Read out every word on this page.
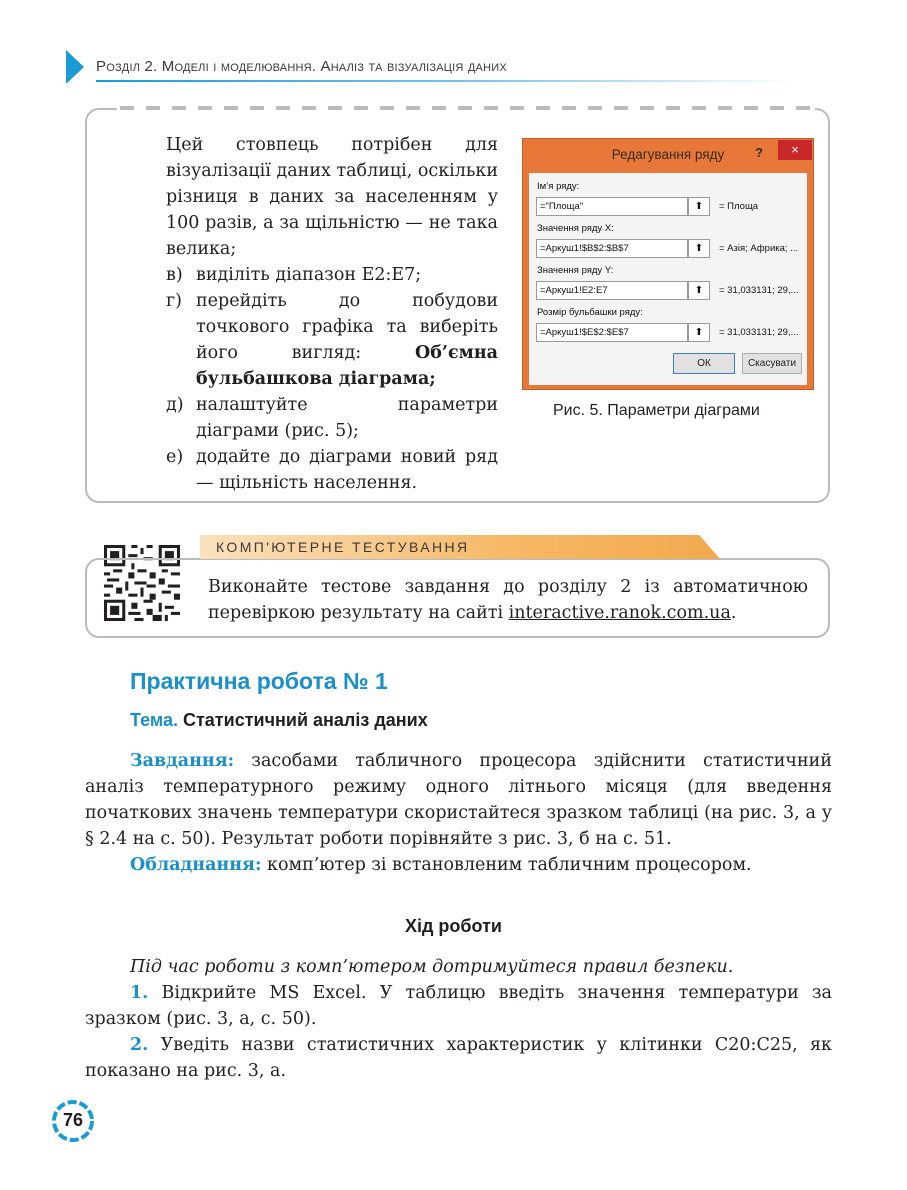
Розділ 2. Моделі і моделювання. Аналіз та візуалізація даних

Цей стовпець потрібен для візуалізації даних таблиці, оскільки різниця в даних за населенням у 100 разів, а за щільністю — не така велика;

в) виділіть діапазон E2:E7;
г) перейдіть до побудови точкового графіка та виберіть його вигляд: Об’ємна бульбашкова діаграма;
д) налаштуйте параметри діаграми (рис. 5);
е) додайте до діаграми новий ряд — щільність населення.
Редагування ряду	?	×
Ім’я ряду:
="Площа"	⬆	= Площа
Значення ряду X:
=Аркуш1!$B$2:$B$7	⬆	= Азія; Африка; ...
Значення ряду Y:
=Аркуш1!E2:E7	⬆	= 31,033131; 29,...
Розмір бульбашки ряду:
=Аркуш1!$E$2:$E$7	⬆	= 31,033131; 29,...
ОК	Скасувати
Рис. 5. Параметри діаграми
КОМП'ЮТЕРНЕ ТЕСТУВАННЯ
Виконайте тестове завдання до розділу 2 із автоматичною перевіркою результату на сайті interactive.ranok.com.ua.
Практична робота № 1
Тема. Статистичний аналіз даних

Завдання: засобами табличного процесора здійснити статистичний аналіз температурного режиму одного літнього місяця (для введення початкових значень температури скористайтеся зразком таблиці (на рис. 3, а у § 2.4 на с. 50). Результат роботи порівняйте з рис. 3, б на с. 51.

Обладнання: комп’ютер зі встановленим табличним процесором.

Хід роботи

Під час роботи з комп’ютером дотримуйтеся правил безпеки.

1. Відкрийте MS Excel. У таблицю введіть значення температури за зразком (рис. 3, а, с. 50).

2. Уведіть назви статистичних характеристик у клітинки C20:C25, як показано на рис. 3, а.

76
